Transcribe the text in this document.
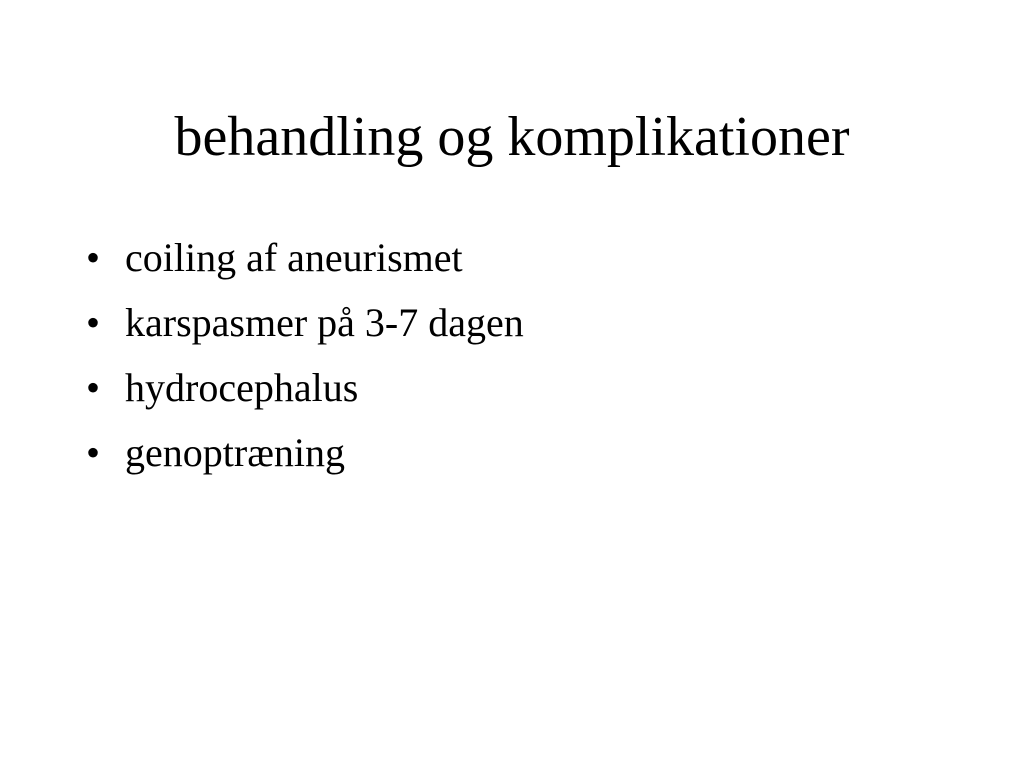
behandling og komplikationer
• coiling af aneurismet
• karspasmer på 3-7 dagen
• hydrocephalus
• genoptræning
